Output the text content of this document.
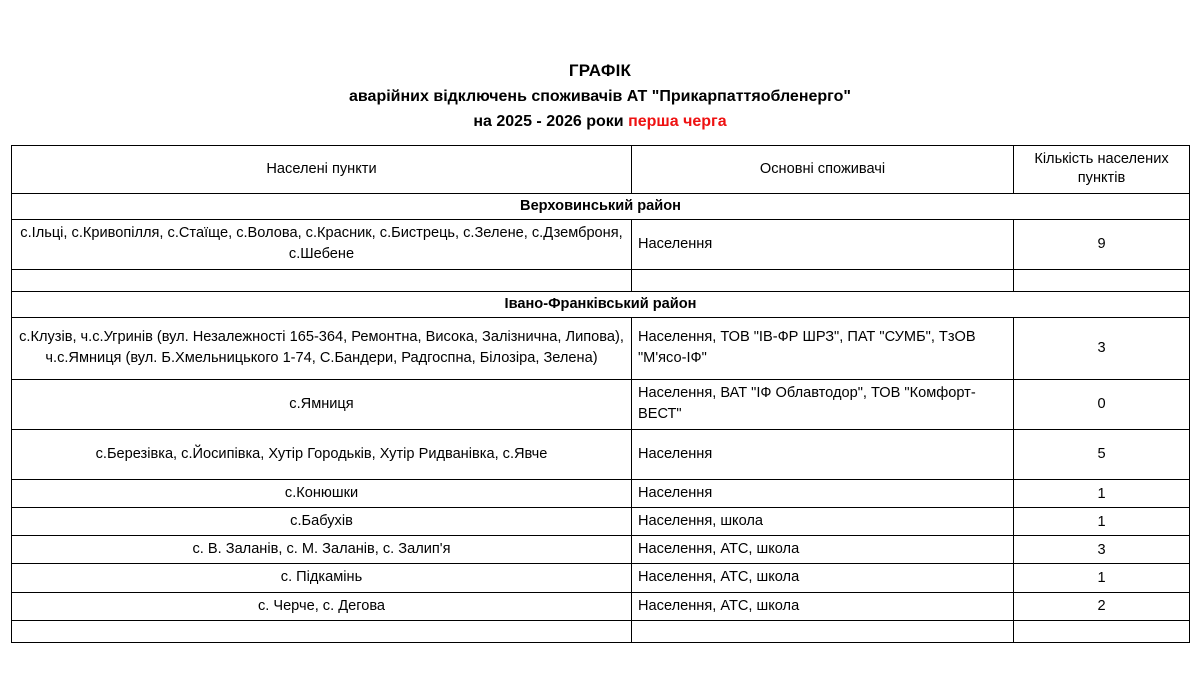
ГРАФІК
аварійних відключень споживачів АТ "Прикарпаттяобленерго"
на 2025 - 2026 роки перша черга
Населені пункти	Основні споживачі	Кількість населених пунктів
Верховинський район		
с.Ільці, с.Кривопілля, с.Стаїще, с.Волова, с.Красник, с.Бистрець, с.Зелене, с.Дземброня, с.Шебене	Населення	9

Івано-Франківський район		
с.Клузів, ч.с.Угринів (вул. Незалежності 165-364, Ремонтна, Висока, Залізнична, Липова), ч.с.Ямниця (вул. Б.Хмельницького 1-74, С.Бандери, Радгоспна, Білозіра, Зелена)	Населення, ТОВ "ІВ-ФР ШРЗ", ПАТ "СУМБ", ТзОВ "М'ясо-ІФ"	3
с.Ямниця	Населення, ВАТ "ІФ Облавтодор", ТОВ "Комфорт-ВЕСТ"	0
с.Березівка, с.Йосипівка, Хутір Городьків, Хутір Ридванівка, с.Явче	Населення	5
с.Конюшки	Населення	1
с.Бабухів	Населення, школа	1
с. В. Заланів, с. М. Заланів, с. Залип'я	Населення, АТС, школа	3
с. Підкамінь	Населення, АТС, школа	1
с. Черче, с. Дегова	Населення, АТС, школа	2
